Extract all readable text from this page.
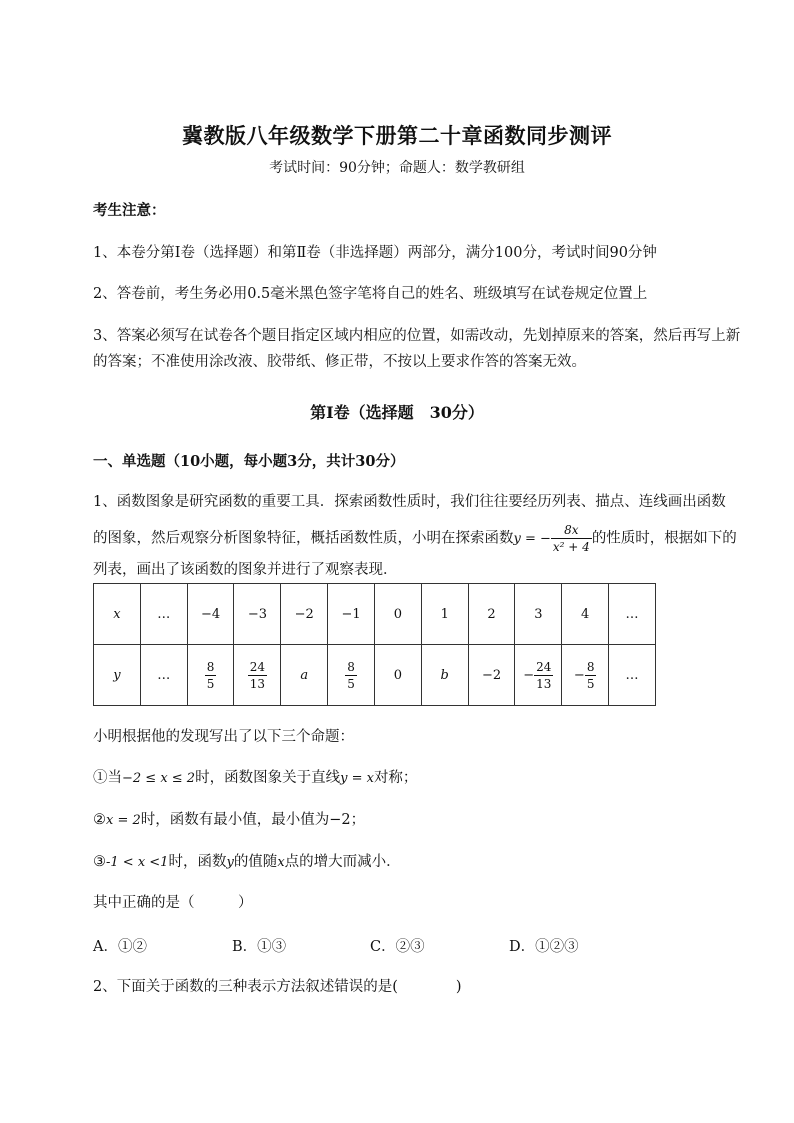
冀教版八年级数学下册第二十章函数同步测评
考试时间：90分钟；命题人：数学教研组
考生注意：
1、本卷分第Ⅰ卷（选择题）和第Ⅱ卷（非选择题）两部分，满分100分，考试时间90分钟
2、答卷前，考生务必用0.5毫米黑色签字笔将自己的姓名、班级填写在试卷规定位置上
3、答案必须写在试卷各个题目指定区域内相应的位置，如需改动，先划掉原来的答案，然后再写上新
的答案；不准使用涂改液、胶带纸、修正带，不按以上要求作答的答案无效。
第Ⅰ卷（选择题　30分）
一、单选题（10小题，每小题3分，共计30分）
1、函数图象是研究函数的重要工具．探索函数性质时，我们往往要经历列表、描点、连线画出函数
的图象，然后观察分析图象特征，概括函数性质，小明在探索函数y = − $\frac{8x}{\text{x² + 4}}$ 的性质时，根据如下的
列表，画出了该函数的图象并进行了观察表现．
x	…	−4	−3	−2	−1	0	1	2	3	4	…
y	…	$\frac{8}{5}$	$\frac{24}{13}$	a	$\frac{8}{5}$	0	b	−2	− $\frac{24}{13}$	− $\frac{8}{5}$	…
小明根据他的发现写出了以下三个命题：
①当−2 ≤ x ≤ 2时，函数图象关于直线y = x对称；
②x = 2时，函数有最小值，最小值为−2；
③-1 < x <1时，函数y的值随x点的增大而减小．
其中正确的是（　　　）
A．①②	B．①③	C．②③	D．①②③
2、下面关于函数的三种表示方法叙述错误的是(　　　　)
